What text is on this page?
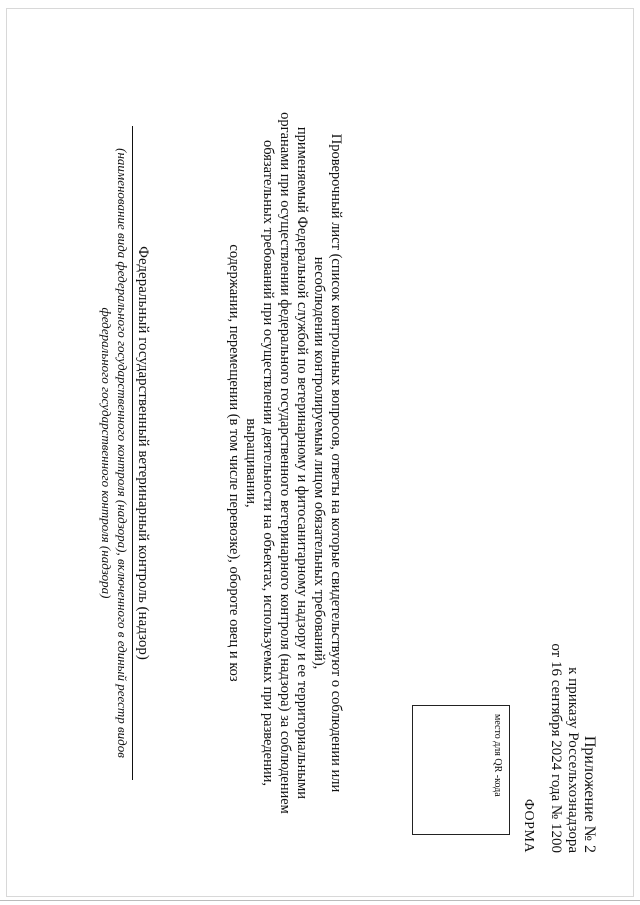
Приложение № 2
к приказу Россельхознадзора
от 16 сентября 2024 года № 1200
ФОРМА
место для QR -кода

Проверочный лист (список контрольных вопросов, ответы на которые свидетельствуют о соблюдении или

несоблюдении контролируемым лицом обязательных требований),

применяемый Федеральной службой по ветеринарному и фитосанитарному надзору и ее территориальными

органами при осуществлении федерального государственного ветеринарного контроля (надзора) за соблюдением

обязательных требований при осуществлении деятельности на объектах, используемых при разведении, выращивании,

содержании, перемещении (в том числе перевозке), обороте овец и коз

Федеральный государственный ветеринарный контроль (надзор)
(наименование вида федерального государственного контроля (надзора), включенного в единый реестр видов
федерального государственного контроля (надзора)
